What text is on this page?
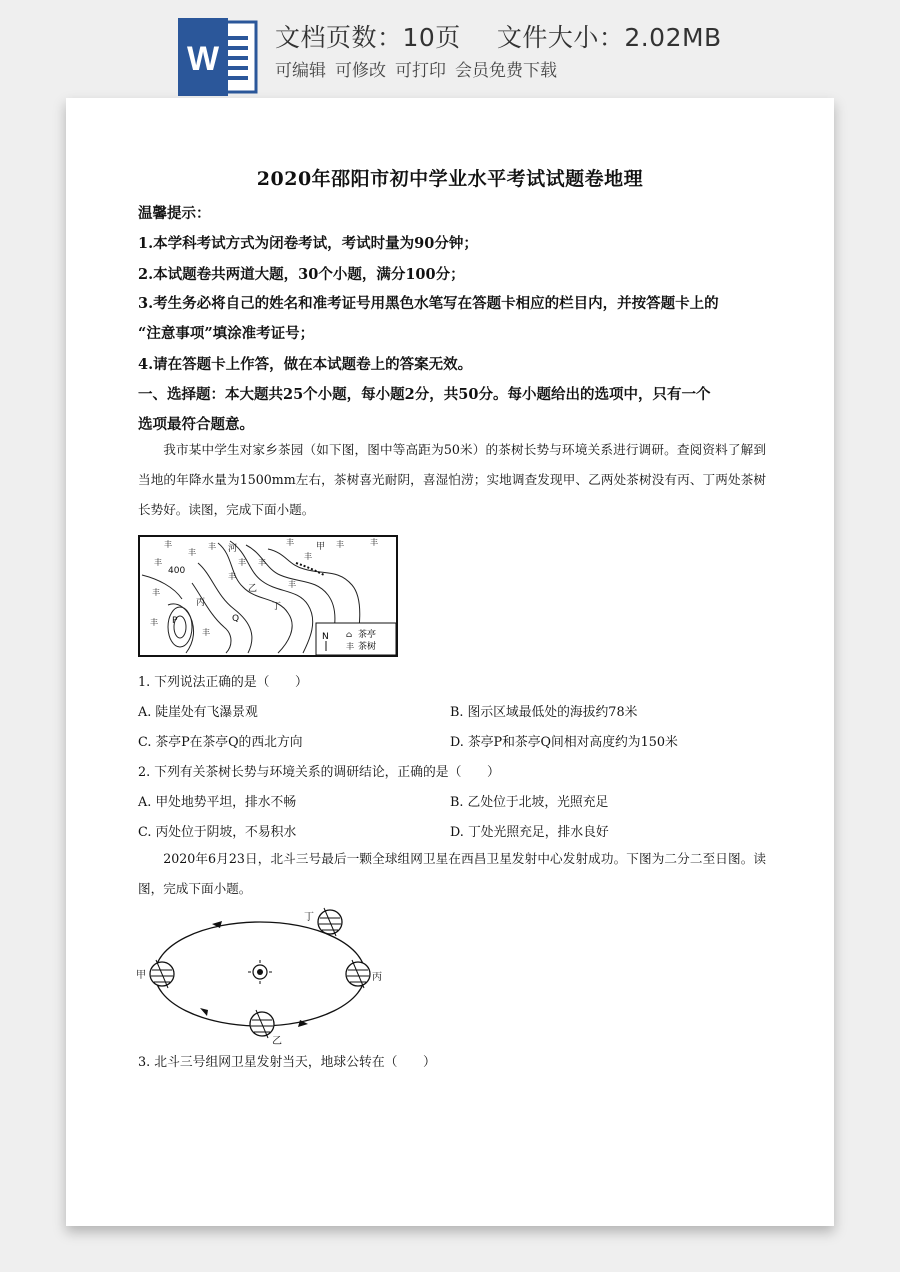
W
文档页数：10页 文件大小：2.02MB
可编辑 可修改 可打印 会员免费下载
2020年邵阳市初中学业水平考试试题卷地理
温馨提示：
1.本学科考试方式为闭卷考试，考试时量为90分钟；
2.本试题卷共两道大题，30个小题，满分100分；
3.考生务必将自己的姓名和准考证号用黑色水笔写在答题卡相应的栏目内，并按答题卡上的
“注意事项”填涂准考证号；
4.请在答题卡上作答，做在本试题卷上的答案无效。
一、选择题：本大题共25个小题，每小题2分，共50分。每小题给出的选项中，只有一个
选项最符合题意。
我市某中学生对家乡茶园（如下图，图中等高距为50米）的茶树长势与环境关系进行调研。查阅资料了解到当地的年降水量为1500mm左右，茶树喜光耐阴，喜湿怕涝；实地调查发现甲、乙两处茶树没有丙、丁两处茶树长势好。读图，完成下面小题。
400
甲
乙
丙	丁
P	Q
河
丰
丰
丰	丰	丰
丰
丰
丰
丰
丰
丰
丰
丰
丰
丰
N ⌂ 茶亭
丰 茶树
1. 下列说法正确的是（　　）
A. 陡崖处有飞瀑景观	B. 图示区域最低处的海拔约78米
C. 茶亭P在茶亭Q的西北方向	D. 茶亭P和茶亭Q间相对高度约为150米
2. 下列有关茶树长势与环境关系的调研结论，正确的是（　　）
A. 甲处地势平坦，排水不畅	B. 乙处位于北坡，光照充足
C. 丙处位于阴坡，不易积水	D. 丁处光照充足，排水良好
2020年6月23日，北斗三号最后一颗全球组网卫星在西昌卫星发射中心发射成功。下图为二分二至日图。读图，完成下面小题。
甲
乙
丙
丁
3. 北斗三号组网卫星发射当天，地球公转在（　　）
